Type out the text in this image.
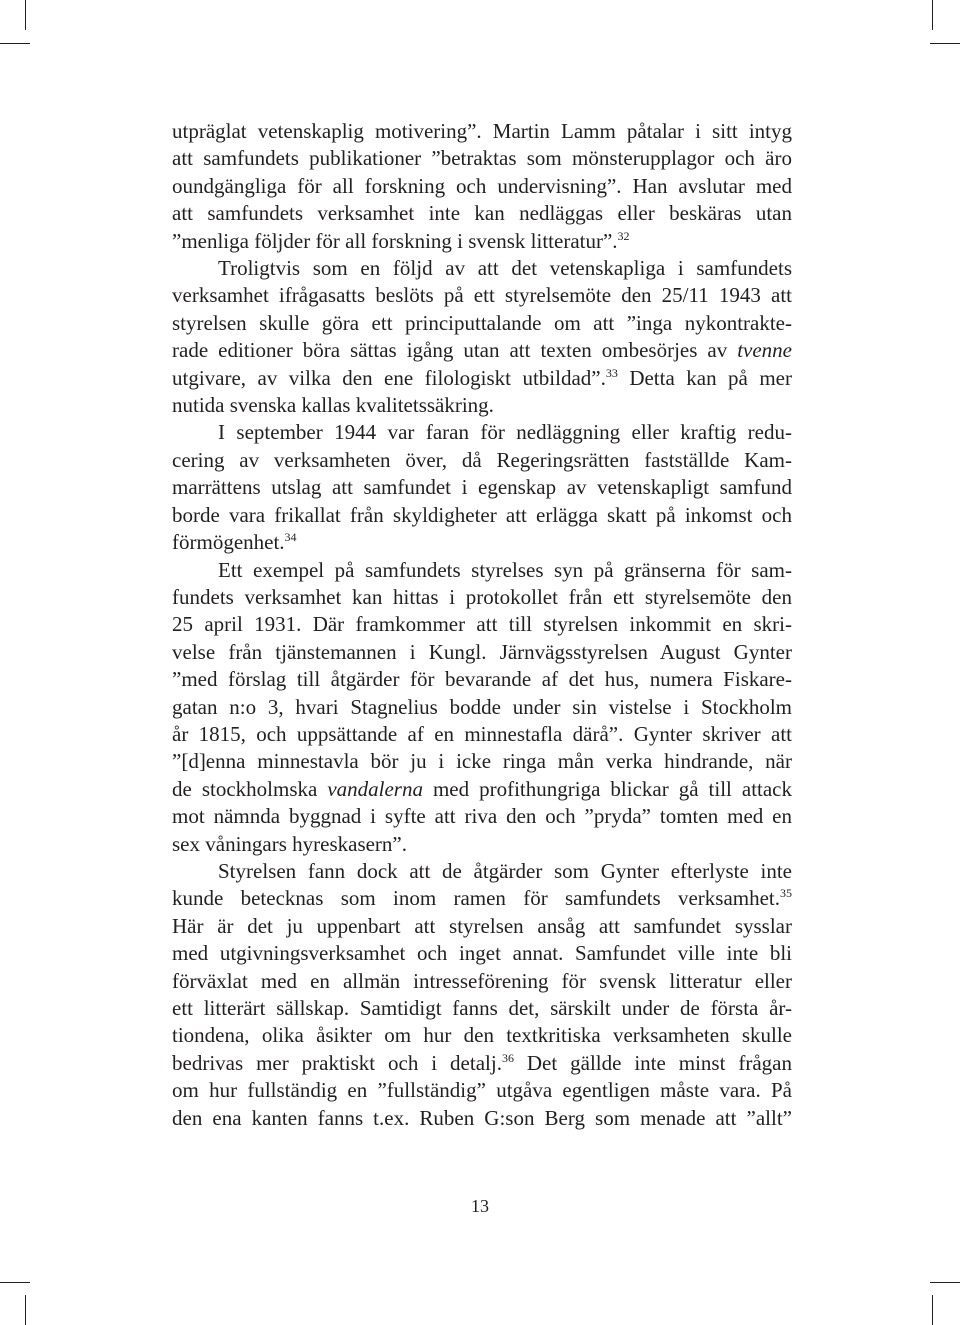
utpräglat vetenskaplig motivering”. Martin Lamm påtalar i sitt intyg
att samfundets publikationer ”betraktas som mönsterupplagor och äro
oundgängliga för all forskning och undervisning”. Han avslutar med
att samfundets verksamhet inte kan nedläggas eller beskäras utan
”menliga följder för all forskning i svensk litteratur”.$^{32}$
Troligtvis som en följd av att det vetenskapliga i samfundets
verksamhet ifrågasatts beslöts på ett styrelsemöte den 25/11 1943 att
styrelsen skulle göra ett principuttalande om att ”inga nykontrakte-
rade editioner böra sättas igång utan att texten ombesörjes av tvenne
utgivare, av vilka den ene filologiskt utbildad”.$^{33}$ Detta kan på mer
nutida svenska kallas kvalitetssäkring.
I september 1944 var faran för nedläggning eller kraftig redu-
cering av verksamheten över, då Regeringsrätten fastställde Kam-
marrättens utslag att samfundet i egenskap av vetenskapligt samfund
borde vara frikallat från skyldigheter att erlägga skatt på inkomst och
förmögenhet.$^{34}$
Ett exempel på samfundets styrelses syn på gränserna för sam-
fundets verksamhet kan hittas i protokollet från ett styrelsemöte den
25 april 1931. Där framkommer att till styrelsen inkommit en skri-
velse från tjänstemannen i Kungl. Järnvägsstyrelsen August Gynter
”med förslag till åtgärder för bevarande af det hus, numera Fiskare-
gatan n:o 3, hvari Stagnelius bodde under sin vistelse i Stockholm
år 1815, och uppsättande af en minnestafla därå”. Gynter skriver att
”[d]enna minnestavla bör ju i icke ringa mån verka hindrande, när
de stockholmska vandalerna med profithungriga blickar gå till attack
mot nämnda byggnad i syfte att riva den och ”pryda” tomten med en
sex våningars hyreskasern”.
Styrelsen fann dock att de åtgärder som Gynter efterlyste inte
kunde betecknas som inom ramen för samfundets verksamhet.$^{35}$
Här är det ju uppenbart att styrelsen ansåg att samfundet sysslar
med utgivningsverksamhet och inget annat. Samfundet ville inte bli
förväxlat med en allmän intresseförening för svensk litteratur eller
ett litterärt sällskap. Samtidigt fanns det, särskilt under de första år-
tiondena, olika åsikter om hur den textkritiska verksamheten skulle
bedrivas mer praktiskt och i detalj.$^{36}$ Det gällde inte minst frågan
om hur fullständig en ”fullständig” utgåva egentligen måste vara. På
den ena kanten fanns t.ex. Ruben G:son Berg som menade att ”allt”
13
